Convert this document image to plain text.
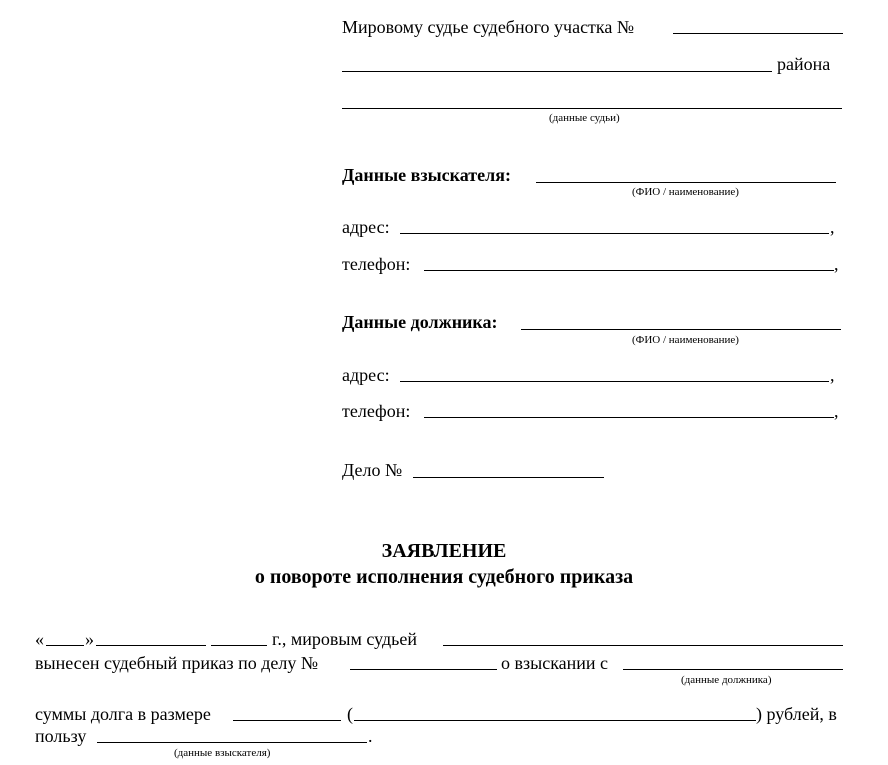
Мировому судье судебного участка №
района
(данные судьи)
Данные взыскателя:
(ФИО / наименование)
адрес:	,
телефон:	,
Данные должника:
(ФИО / наименование)
адрес:	,
телефон:	,
Дело №
ЗАЯВЛЕНИЕ
о повороте исполнения судебного приказа
« »	г., мировым судьей
вынесен судебный приказ по делу №	о взыскании с
(данные должника)
суммы долга в размере	(	) рублей, в
пользу	.
(данные взыскателя)
